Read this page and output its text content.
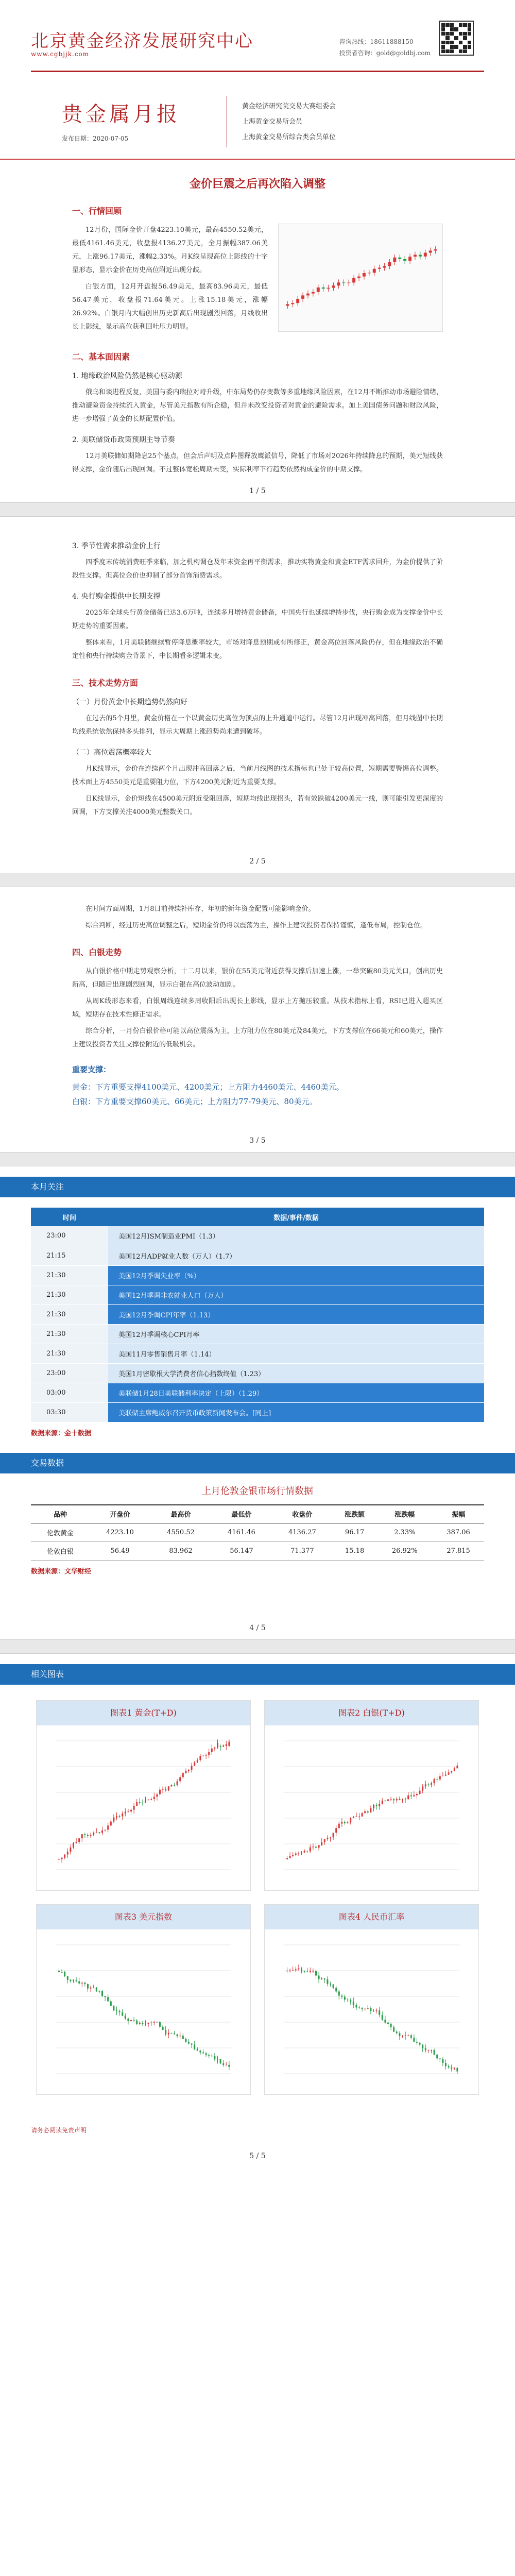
北京黄金经济发展研究中心
www.cgbjjk.com
咨询热线：18611888150
投资者咨询：gold@goldbj.com
贵金属月报
发布日期：2020-07-05
黄金经济研究院交易大赛组委会
上海黄金交易所会员
上海黄金交易所综合类会员单位
金价巨震之后再次陷入调整
一、行情回顾

12月份，国际金价开盘4223.10美元，最高4550.52美元，最低4161.46美元，收盘报4136.27美元，全月振幅387.06美元，上涨96.17美元，涨幅2.33%。月K线呈现高位上影线的十字星形态，显示金价在历史高位附近出现分歧。

白银方面，12月开盘报56.49美元，最高83.96美元，最低56.47美元，收盘报71.64美元。上涨15.18美元，涨幅26.92%。白银月内大幅创出历史新高后出现剧烈回落，月线收出长上影线，显示高位获利回吐压力明显。

二、基本面因素
1. 地缘政治风险仍然是核心驱动源

俄乌和谈进程反复，美国与委内瑞拉对峙升级，中东局势仍存变数等多重地缘风险因素，在12月不断推动市场避险情绪，推动避险资金持续流入黄金，尽管美元指数有所企稳，但并未改变投资者对黄金的避险需求。加上美国债务问题和财政风险，进一步增强了黄金的长期配置价值。

2. 美联储货币政策预期主导节奏

12月美联储如期降息25个基点，但会后声明及点阵图释放鹰派信号，降低了市场对2026年持续降息的预期，美元短线获得支撑，金价随后出现回调。不过整体宽松周期未变，实际利率下行趋势依然构成金价的中期支撑。

1 / 5
3. 季节性需求推动金价上行

四季度末传统消费旺季来临，加之机构调仓及年末资金再平衡需求，推动实物黄金和黄金ETF需求回升，为金价提供了阶段性支撑。但高位金价也抑制了部分首饰消费需求。

4. 央行购金提供中长期支撑

2025年全球央行黄金储备已达3.6万吨，连续多月增持黄金储备，中国央行也延续增持步伐，央行购金成为支撑金价中长期走势的重要因素。

整体来看，1月美联储继续暂停降息概率较大，市场对降息预期或有所修正，黄金高位回落风险仍存，但在地缘政治不确定性和央行持续购金背景下，中长期看多逻辑未变。

三、技术走势方面
（一）月份黄金中长期趋势仍然向好

在过去的5个月里，黄金价格在一个以黄金历史高位为顶点的上升通道中运行。尽管12月出现冲高回落，但月线图中长期均线系统依然保持多头排列，显示大周期上涨趋势尚未遭到破坏。

（二）高位震荡概率较大

月K线显示，金价在连续两个月出现冲高回落之后，当前月线图的技术指标也已处于较高位置，短期需要警惕高位调整。技术面上方4550美元是重要阻力位，下方4200美元附近为重要支撑。

日K线显示，金价短线在4500美元附近受阻回落，短期均线出现拐头，若有效跌破4200美元一线，则可能引发更深度的回调，下方支撑关注4000美元整数关口。

2 / 5

在时间方面周期，1月8日前持续补库存，年初的新年资金配置可能影响金价。

综合判断，经过历史高位调整之后，短期金价仍将以震荡为主，操作上建议投资者保持谨慎，逢低布局，控制仓位。

四、白银走势

从白银价格中期走势观察分析，十二月以来，银价在55美元附近获得支撑后加速上涨，一举突破80美元关口，创出历史新高，但随后出现剧烈回调，显示白银在高位波动加剧。

从周K线形态来看，白银周线连续多周收阳后出现长上影线，显示上方抛压较重。从技术指标上看，RSI已进入超买区域，短期存在技术性修正需求。

综合分析，一月份白银价格可能以高位震荡为主，上方阻力位在80美元及84美元，下方支撑位在66美元和60美元，操作上建议投资者关注支撑位附近的低吸机会。

重要支撑：
黄金：下方重要支撑4100美元、4200美元；上方阻力4460美元、4460美元。
白银：下方重要支撑60美元、66美元；上方阻力77-79美元、80美元。
3 / 5
本月关注
时间	数据/事件/数据
23:00	美国12月ISM制造业PMI（1.3）
21:15	美国12月ADP就业人数（万人）（1.7）
21:30	美国12月季调失业率（%）
21:30	美国12月季调非农就业人口（万人）
21:30	美国12月季调CPI年率（1.13）
21:30	美国12月季调核心CPI月率
21:30	美国11月零售销售月率（1.14）
23:00	美国1月密歇根大学消费者信心指数终值（1.23）
03:00	美联储1月28日美联储利率决定（上限）（1.29）
03:30	美联储主席鲍威尔召开货币政策新闻发布会。[同上]
数据来源：金十数据
交易数据
上月伦敦金银市场行情数据
品种	开盘价	最高价	最低价	收盘价	涨跌额	涨跌幅	振幅
伦敦黄金	4223.10	4550.52	4161.46	4136.27	96.17	2.33%	387.06
伦敦白银	56.49	83.962	56.147	71.377	15.18	26.92%	27.815
数据来源：文华财经
4 / 5
相关图表
图表1 黄金(T+D)	图表2 白银(T+D)
图表3 美元指数	图表4 人民币汇率
请务必阅读免责声明
5 / 5
